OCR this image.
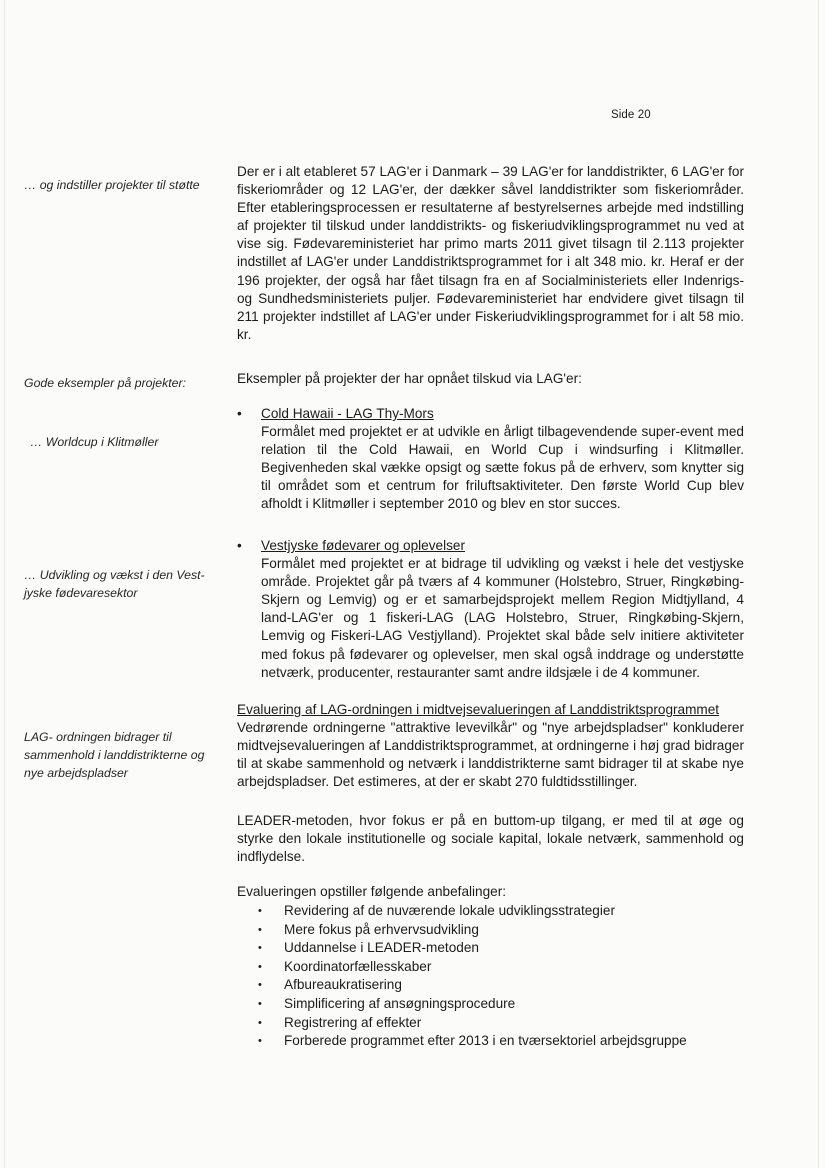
Side 20
… og indstiller projekter til støtte
Gode eksempler på projekter:
… Worldcup i Klitmøller
… Udvikling og vækst i den Vest-jyske fødevaresektor
LAG- ordningen bidrager til sammenhold i landdistrikterne og nye arbejdspladser

Der er i alt etableret 57 LAG'er i Danmark – 39 LAG'er for landdistrikter, 6 LAG'er for fiskeriområder og 12 LAG'er, der dækker såvel landdistrikter som fiskeriområder. Efter etableringsprocessen er resultaterne af bestyrelsernes arbejde med indstilling af projekter til tilskud under landdistrikts- og fiskeriudviklingsprogrammet nu ved at vise sig. Fødevareministeriet har primo marts 2011 givet tilsagn til 2.113 projekter indstillet af LAG'er under Landdistriktsprogrammet for i alt 348 mio. kr. Heraf er der 196 projekter, der også har fået tilsagn fra en af Socialministeriets eller Indenrigs- og Sundhedsministeriets puljer. Fødevareministeriet har endvidere givet tilsagn til 211 projekter indstillet af LAG'er under Fiskeriudviklingsprogrammet for i alt 58 mio. kr.

Eksempler på projekter der har opnået tilskud via LAG'er:
•	Cold Hawaii - LAG Thy-Mors
Formålet med projektet er at udvikle en årligt tilbagevendende super-event med relation til the Cold Hawaii, en World Cup i windsurfing i Klitmøller. Begivenheden skal vække opsigt og sætte fokus på de erhverv, som knytter sig til området som et centrum for friluftsaktiviteter. Den første World Cup blev afholdt i Klitmøller i september 2010 og blev en stor succes.
•	Vestjyske fødevarer og oplevelser
Formålet med projektet er at bidrage til udvikling og vækst i hele det vestjyske område. Projektet går på tværs af 4 kommuner (Holstebro, Struer, Ringkøbing-Skjern og Lemvig) og er et samarbejdsprojekt mellem Region Midtjylland, 4 land-LAG'er og 1 fiskeri-LAG (LAG Holstebro, Struer, Ringkøbing-Skjern, Lemvig og Fiskeri-LAG Vestjylland). Projektet skal både selv initiere aktiviteter med fokus på fødevarer og oplevelser, men skal også inddrage og understøtte netværk, producenter, restauranter samt andre ildsjæle i de 4 kommuner.
Evaluering af LAG-ordningen i midtvejsevalueringen af Landdistriktsprogrammet
Vedrørende ordningerne "attraktive levevilkår" og "nye arbejdspladser" konkluderer midtvejsevalueringen af Landdistriktsprogrammet, at ordningerne i høj grad bidrager til at skabe sammenhold og netværk i landdistrikterne samt bidrager til at skabe nye arbejdspladser. Det estimeres, at der er skabt 270 fuldtidsstillinger.
LEADER-metoden, hvor fokus er på en buttom-up tilgang, er med til at øge og styrke den lokale institutionelle og sociale kapital, lokale netværk, sammenhold og indflydelse.
Evalueringen opstiller følgende anbefalinger:
• Revidering af de nuværende lokale udviklingsstrategier
• Mere fokus på erhvervsudvikling
• Uddannelse i LEADER-metoden
• Koordinatorfællesskaber
• Afbureaukratisering
• Simplificering af ansøgningsprocedure
• Registrering af effekter
• Forberede programmet efter 2013 i en tværsektoriel arbejdsgruppe
